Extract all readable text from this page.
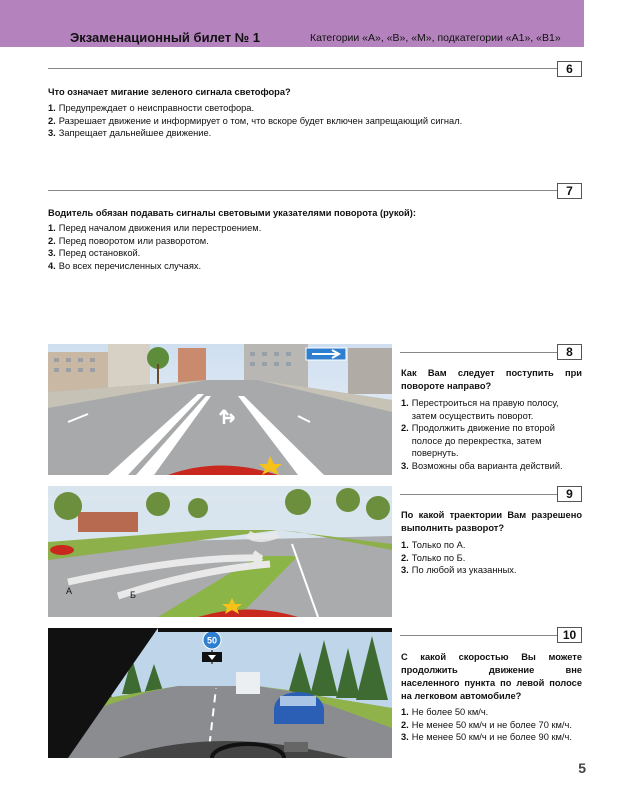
Экзаменационный билет № 1	Категории «А», «В», «М», подкатегории «А1», «В1»
6
Что означает мигание зеленого сигнала светофора?
1. Предупреждает о неисправности светофора.
2. Разрешает движение и информирует о том, что вскоре будет включен запрещающий сигнал.
3. Запрещает дальнейшее движение.
7
Водитель обязан подавать сигналы световыми указателями поворота (рукой):
1. Перед началом движения или перестроением.
2. Перед поворотом или разворотом.
3. Перед остановкой.
4. Во всех перечисленных случаях.
8
Как Вам следует поступить при повороте направо?
1. Перестроиться на правую полосу, затем осуществить поворот.
2. Продолжить движение по второй полосе до перекрестка, затем повернуть.
3. Возможны оба варианта действий.
А	Б
9
По какой траектории Вам разрешено выполнить разворот?
1. Только по А.
2. Только по Б.
3. По любой из указанных.
50	10
С какой скоростью Вы можете продолжить движение вне населенного пункта по левой полосе на легковом автомобиле?
1. Не более 50 км/ч.
2. Не менее 50 км/ч и не более 70 км/ч.
3. Не менее 50 км/ч и не более 90 км/ч.
5
